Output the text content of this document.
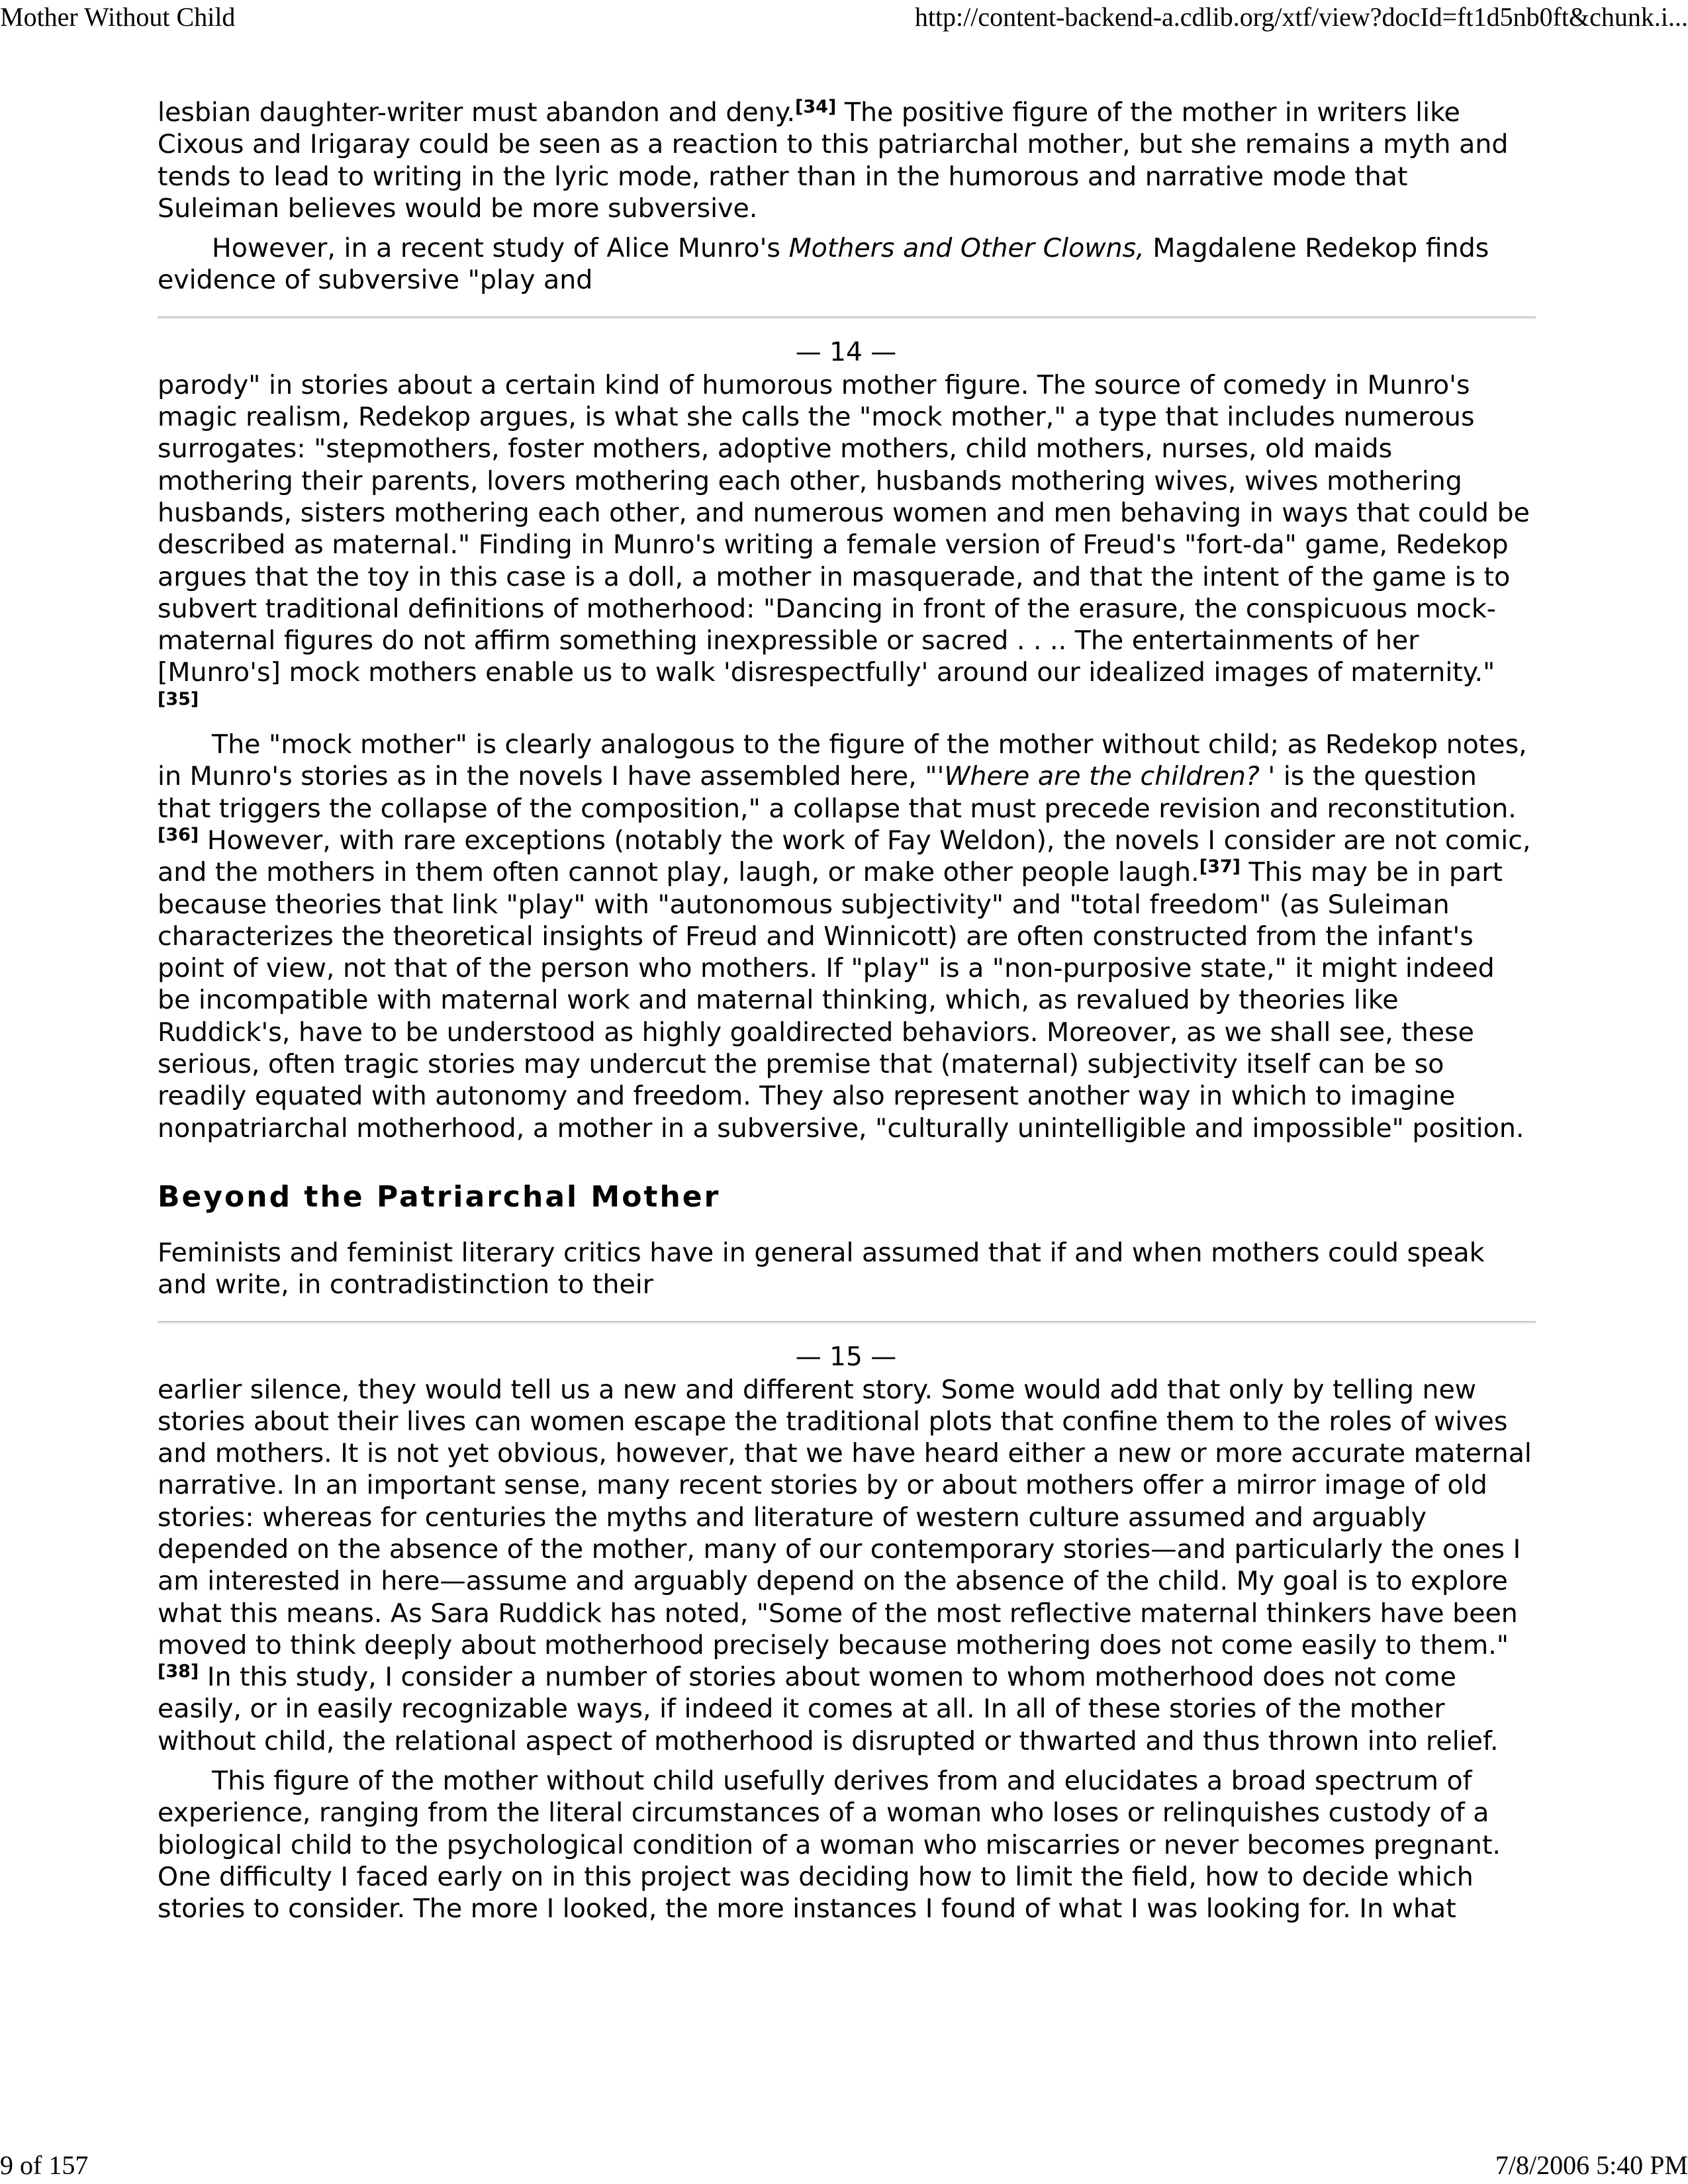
Mother Without Child	http://content-backend-a.cdlib.org/xtf/view?docId=ft1d5nb0ft&chunk.i...

lesbian daughter-writer must abandon and deny.[34] The positive figure of the mother in writers like Cixous and Irigaray could be seen as a reaction to this patriarchal mother, but she remains a myth and tends to lead to writing in the lyric mode, rather than in the humorous and narrative mode that Suleiman believes would be more subversive.

However, in a recent study of Alice Munro's Mothers and Other Clowns, Magdalene Redekop finds evidence of subversive "play and

— 14 —

parody" in stories about a certain kind of humorous mother figure. The source of comedy in Munro's magic realism, Redekop argues, is what she calls the "mock mother," a type that includes numerous surrogates: "stepmothers, foster mothers, adoptive mothers, child mothers, nurses, old maids mothering their parents, lovers mothering each other, husbands mothering wives, wives mothering husbands, sisters mothering each other, and numerous women and men behaving in ways that could be described as maternal." Finding in Munro's writing a female version of Freud's "fort-da" game, Redekop argues that the toy in this case is a doll, a mother in masquerade, and that the intent of the game is to subvert traditional definitions of motherhood: "Dancing in front of the erasure, the conspicuous mock-maternal figures do not affirm something inexpressible or sacred . . .. The entertainments of her [Munro's] mock mothers enable us to walk 'disrespectfully' around our idealized images of maternity."[35]

The "mock mother" is clearly analogous to the figure of the mother without child; as Redekop notes, in Munro's stories as in the novels I have assembled here, "'Where are the children? ' is the question that triggers the collapse of the composition," a collapse that must precede revision and reconstitution.[36] However, with rare exceptions (notably the work of Fay Weldon), the novels I consider are not comic, and the mothers in them often cannot play, laugh, or make other people laugh.[37] This may be in part because theories that link "play" with "autonomous subjectivity" and "total freedom" (as Suleiman characterizes the theoretical insights of Freud and Winnicott) are often constructed from the infant's point of view, not that of the person who mothers. If "play" is a "non-purposive state," it might indeed be incompatible with maternal work and maternal thinking, which, as revalued by theories like Ruddick's, have to be understood as highly goaldirected behaviors. Moreover, as we shall see, these serious, often tragic stories may undercut the premise that (maternal) subjectivity itself can be so readily equated with autonomy and freedom. They also represent another way in which to imagine nonpatriarchal motherhood, a mother in a subversive, "culturally unintelligible and impossible" position.

Beyond the Patriarchal Mother

Feminists and feminist literary critics have in general assumed that if and when mothers could speak and write, in contradistinction to their

— 15 —

earlier silence, they would tell us a new and different story. Some would add that only by telling new stories about their lives can women escape the traditional plots that confine them to the roles of wives and mothers. It is not yet obvious, however, that we have heard either a new or more accurate maternal narrative. In an important sense, many recent stories by or about mothers offer a mirror image of old stories: whereas for centuries the myths and literature of western culture assumed and arguably depended on the absence of the mother, many of our contemporary stories—and particularly the ones I am interested in here—assume and arguably depend on the absence of the child. My goal is to explore what this means. As Sara Ruddick has noted, "Some of the most reflective maternal thinkers have been moved to think deeply about motherhood precisely because mothering does not come easily to them."[38] In this study, I consider a number of stories about women to whom motherhood does not come easily, or in easily recognizable ways, if indeed it comes at all. In all of these stories of the mother without child, the relational aspect of motherhood is disrupted or thwarted and thus thrown into relief.

This figure of the mother without child usefully derives from and elucidates a broad spectrum of experience, ranging from the literal circumstances of a woman who loses or relinquishes custody of a biological child to the psychological condition of a woman who miscarries or never becomes pregnant. One difficulty I faced early on in this project was deciding how to limit the field, how to decide which stories to consider. The more I looked, the more instances I found of what I was looking for. In what

9 of 157	7/8/2006 5:40 PM
